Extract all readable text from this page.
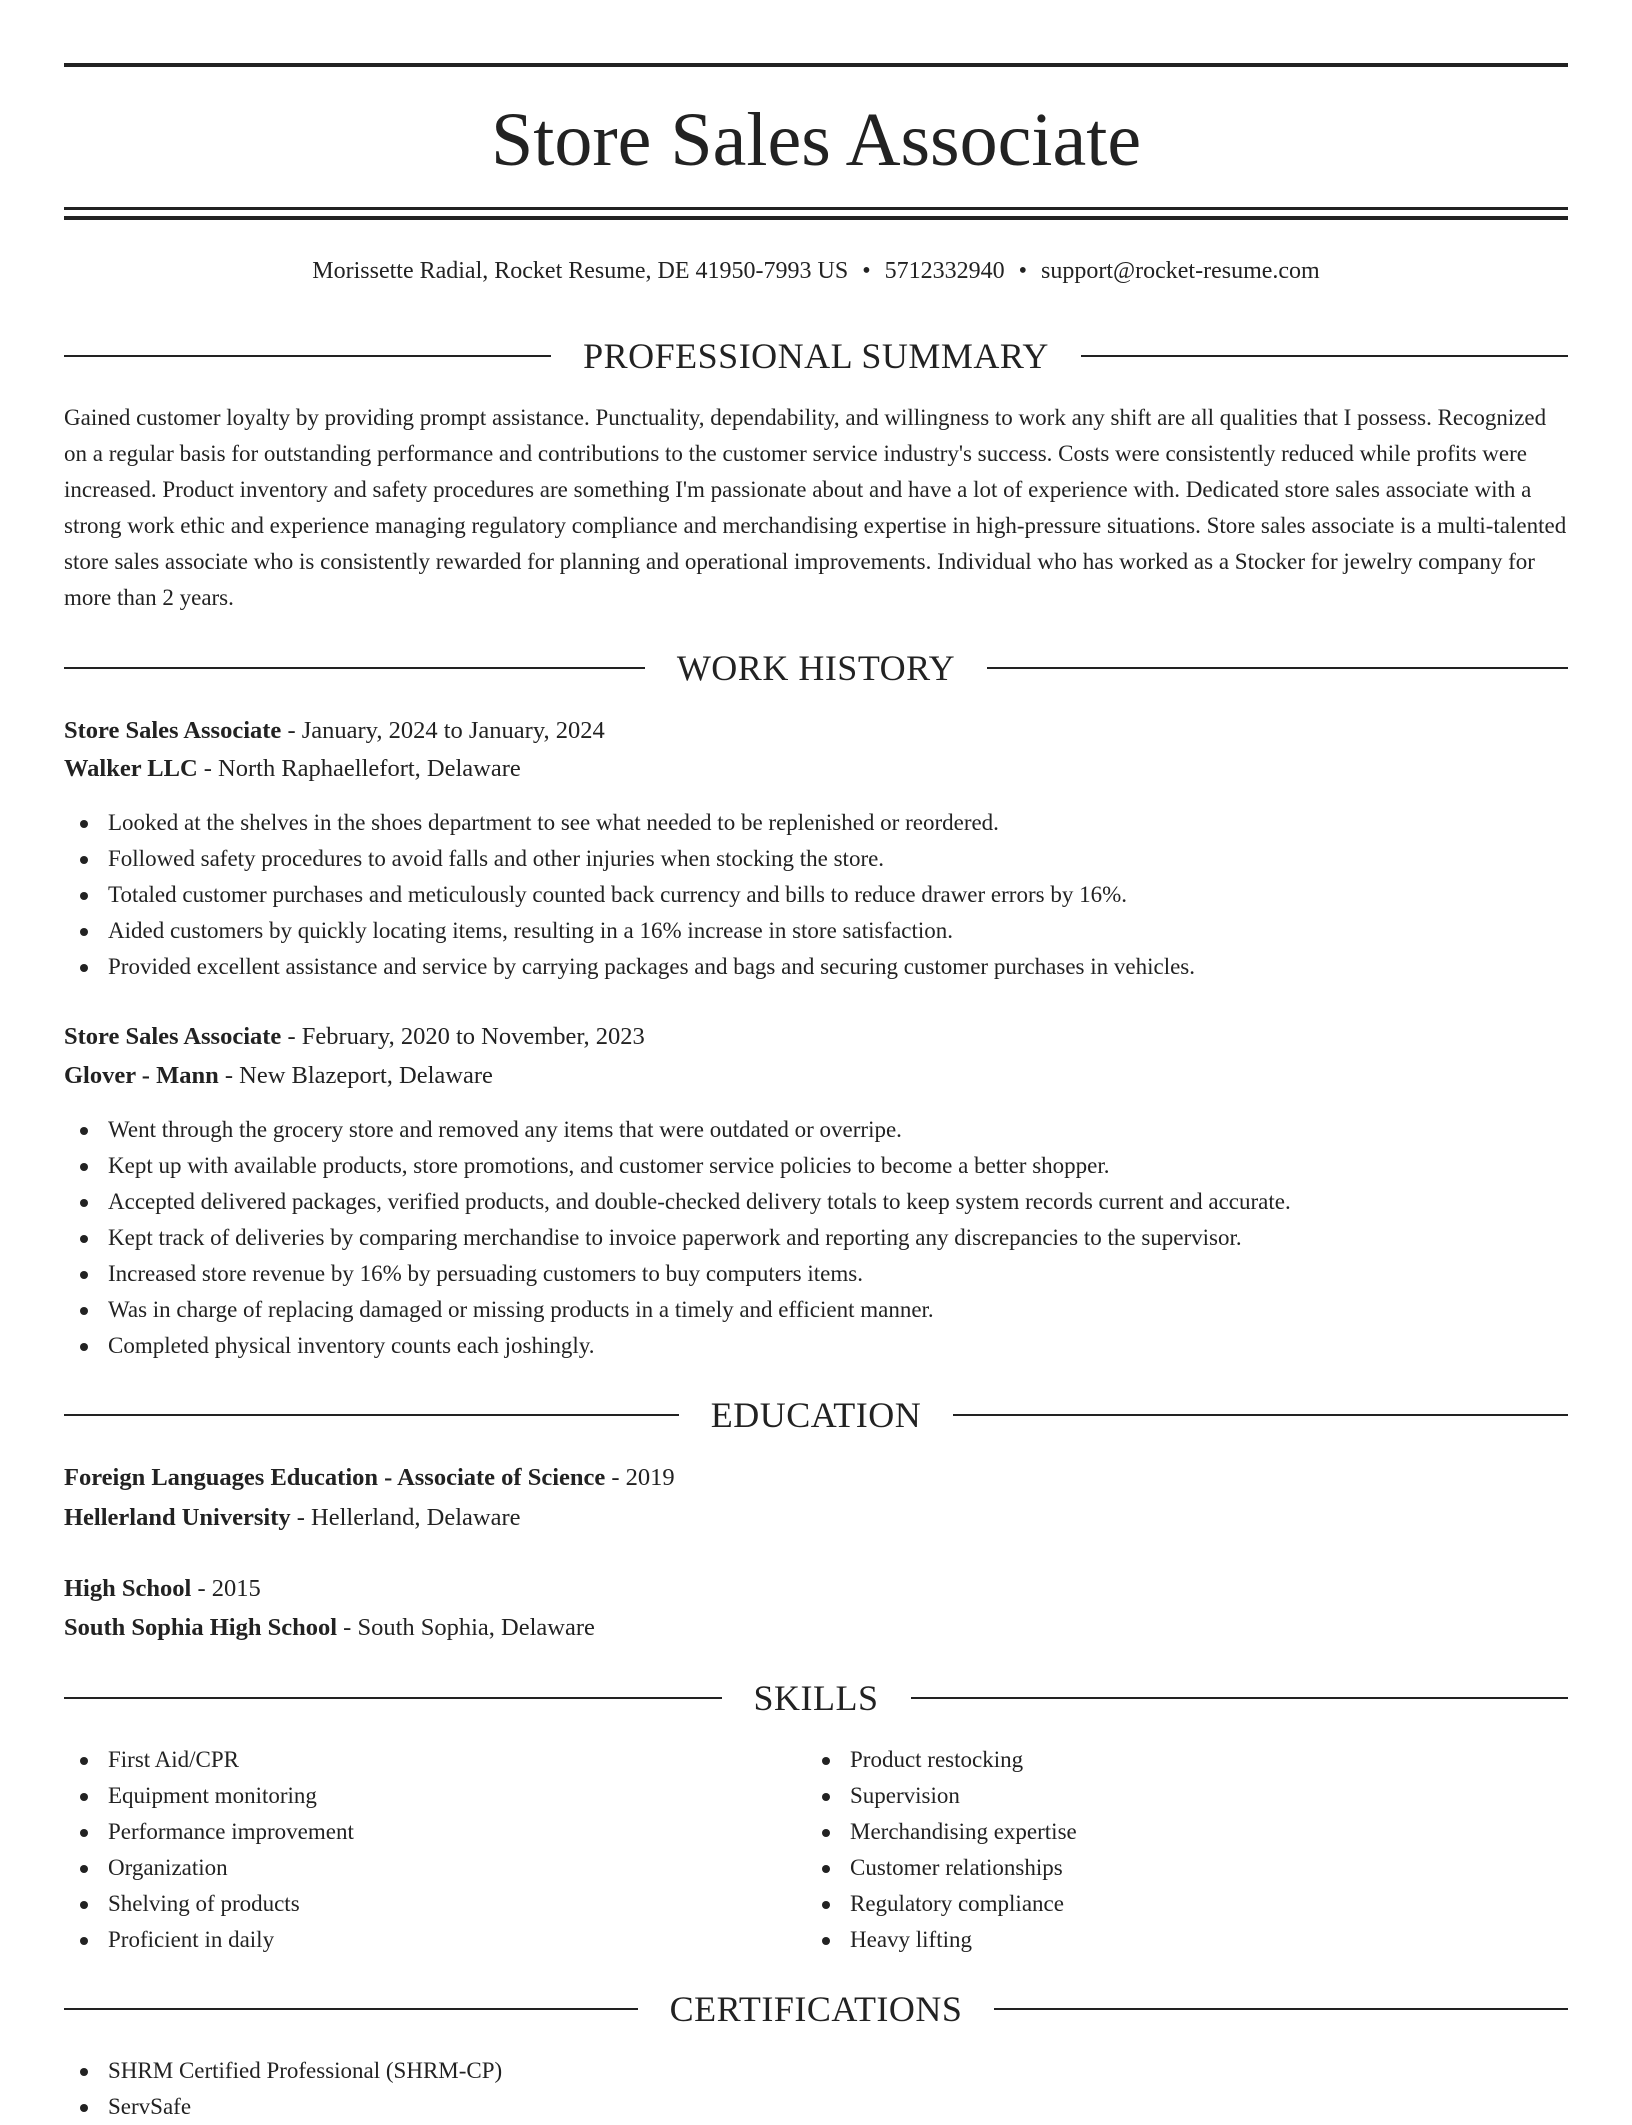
Store Sales Associate
Morissette Radial, Rocket Resume, DE 41950-7993 US • 5712332940 • support@rocket-resume.com
PROFESSIONAL SUMMARY

Gained customer loyalty by providing prompt assistance. Punctuality, dependability, and willingness to work any shift are all qualities that I possess. Recognized on a regular basis for outstanding performance and contributions to the customer service industry's success. Costs were consistently reduced while profits were increased. Product inventory and safety procedures are something I'm passionate about and have a lot of experience with. Dedicated store sales associate with a strong work ethic and experience managing regulatory compliance and merchandising expertise in high-pressure situations. Store sales associate is a multi-talented store sales associate who is consistently rewarded for planning and operational improvements. Individual who has worked as a Stocker for jewelry company for more than 2 years.

WORK HISTORY
Store Sales Associate - January, 2024 to January, 2024
Walker LLC - North Raphaellefort, Delaware
Looked at the shelves in the shoes department to see what needed to be replenished or reordered.
Followed safety procedures to avoid falls and other injuries when stocking the store.
Totaled customer purchases and meticulously counted back currency and bills to reduce drawer errors by 16%.
Aided customers by quickly locating items, resulting in a 16% increase in store satisfaction.
Provided excellent assistance and service by carrying packages and bags and securing customer purchases in vehicles.
Store Sales Associate - February, 2020 to November, 2023
Glover - Mann - New Blazeport, Delaware
Went through the grocery store and removed any items that were outdated or overripe.
Kept up with available products, store promotions, and customer service policies to become a better shopper.
Accepted delivered packages, verified products, and double-checked delivery totals to keep system records current and accurate.
Kept track of deliveries by comparing merchandise to invoice paperwork and reporting any discrepancies to the supervisor.
Increased store revenue by 16% by persuading customers to buy computers items.
Was in charge of replacing damaged or missing products in a timely and efficient manner.
Completed physical inventory counts each joshingly.
EDUCATION
Foreign Languages Education - Associate of Science - 2019
Hellerland University - Hellerland, Delaware
High School - 2015
South Sophia High School - South Sophia, Delaware
SKILLS
First Aid/CPR
Equipment monitoring
Performance improvement
Organization
Shelving of products
Proficient in daily
Product restocking
Supervision
Merchandising expertise
Customer relationships
Regulatory compliance
Heavy lifting
CERTIFICATIONS
SHRM Certified Professional (SHRM-CP)
ServSafe
